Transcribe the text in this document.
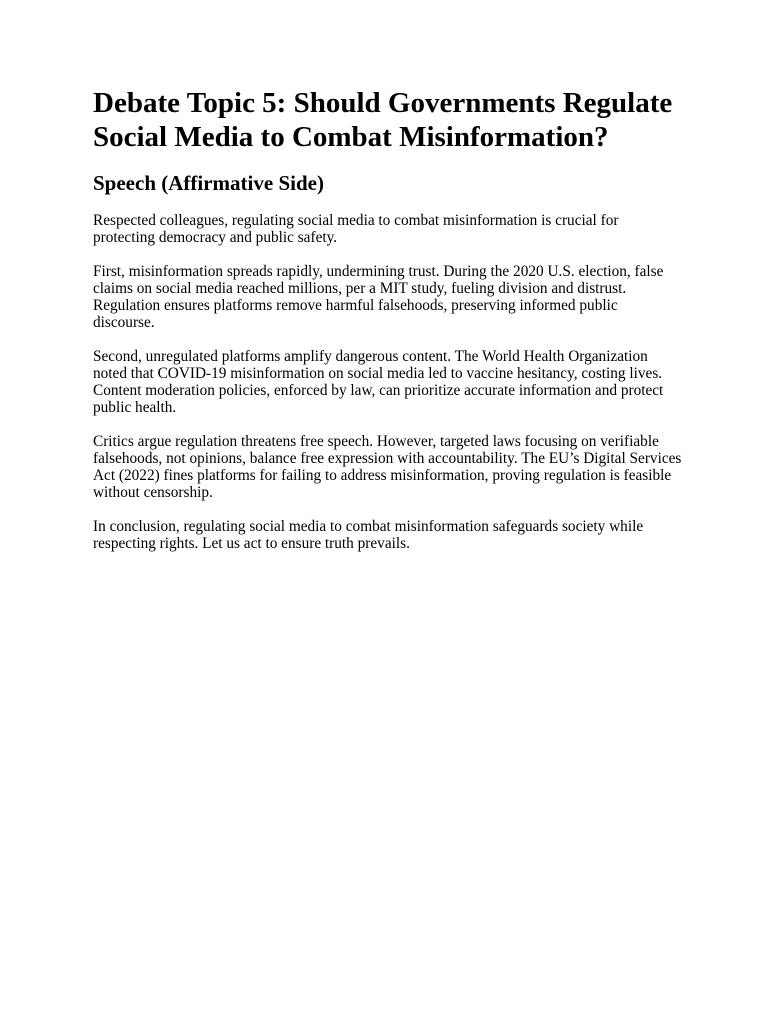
Debate Topic 5: Should Governments Regulate Social Media to Combat Misinformation?
Speech (Affirmative Side)

Respected colleagues, regulating social media to combat misinformation is crucial for protecting democracy and public safety.

First, misinformation spreads rapidly, undermining trust. During the 2020 U.S. election, false claims on social media reached millions, per a MIT study, fueling division and distrust. Regulation ensures platforms remove harmful falsehoods, preserving informed public discourse.

Second, unregulated platforms amplify dangerous content. The World Health Organization noted that COVID-19 misinformation on social media led to vaccine hesitancy, costing lives. Content moderation policies, enforced by law, can prioritize accurate information and protect public health.

Critics argue regulation threatens free speech. However, targeted laws focusing on verifiable falsehoods, not opinions, balance free expression with accountability. The EU’s Digital Services Act (2022) fines platforms for failing to address misinformation, proving regulation is feasible without censorship.

In conclusion, regulating social media to combat misinformation safeguards society while respecting rights. Let us act to ensure truth prevails.
